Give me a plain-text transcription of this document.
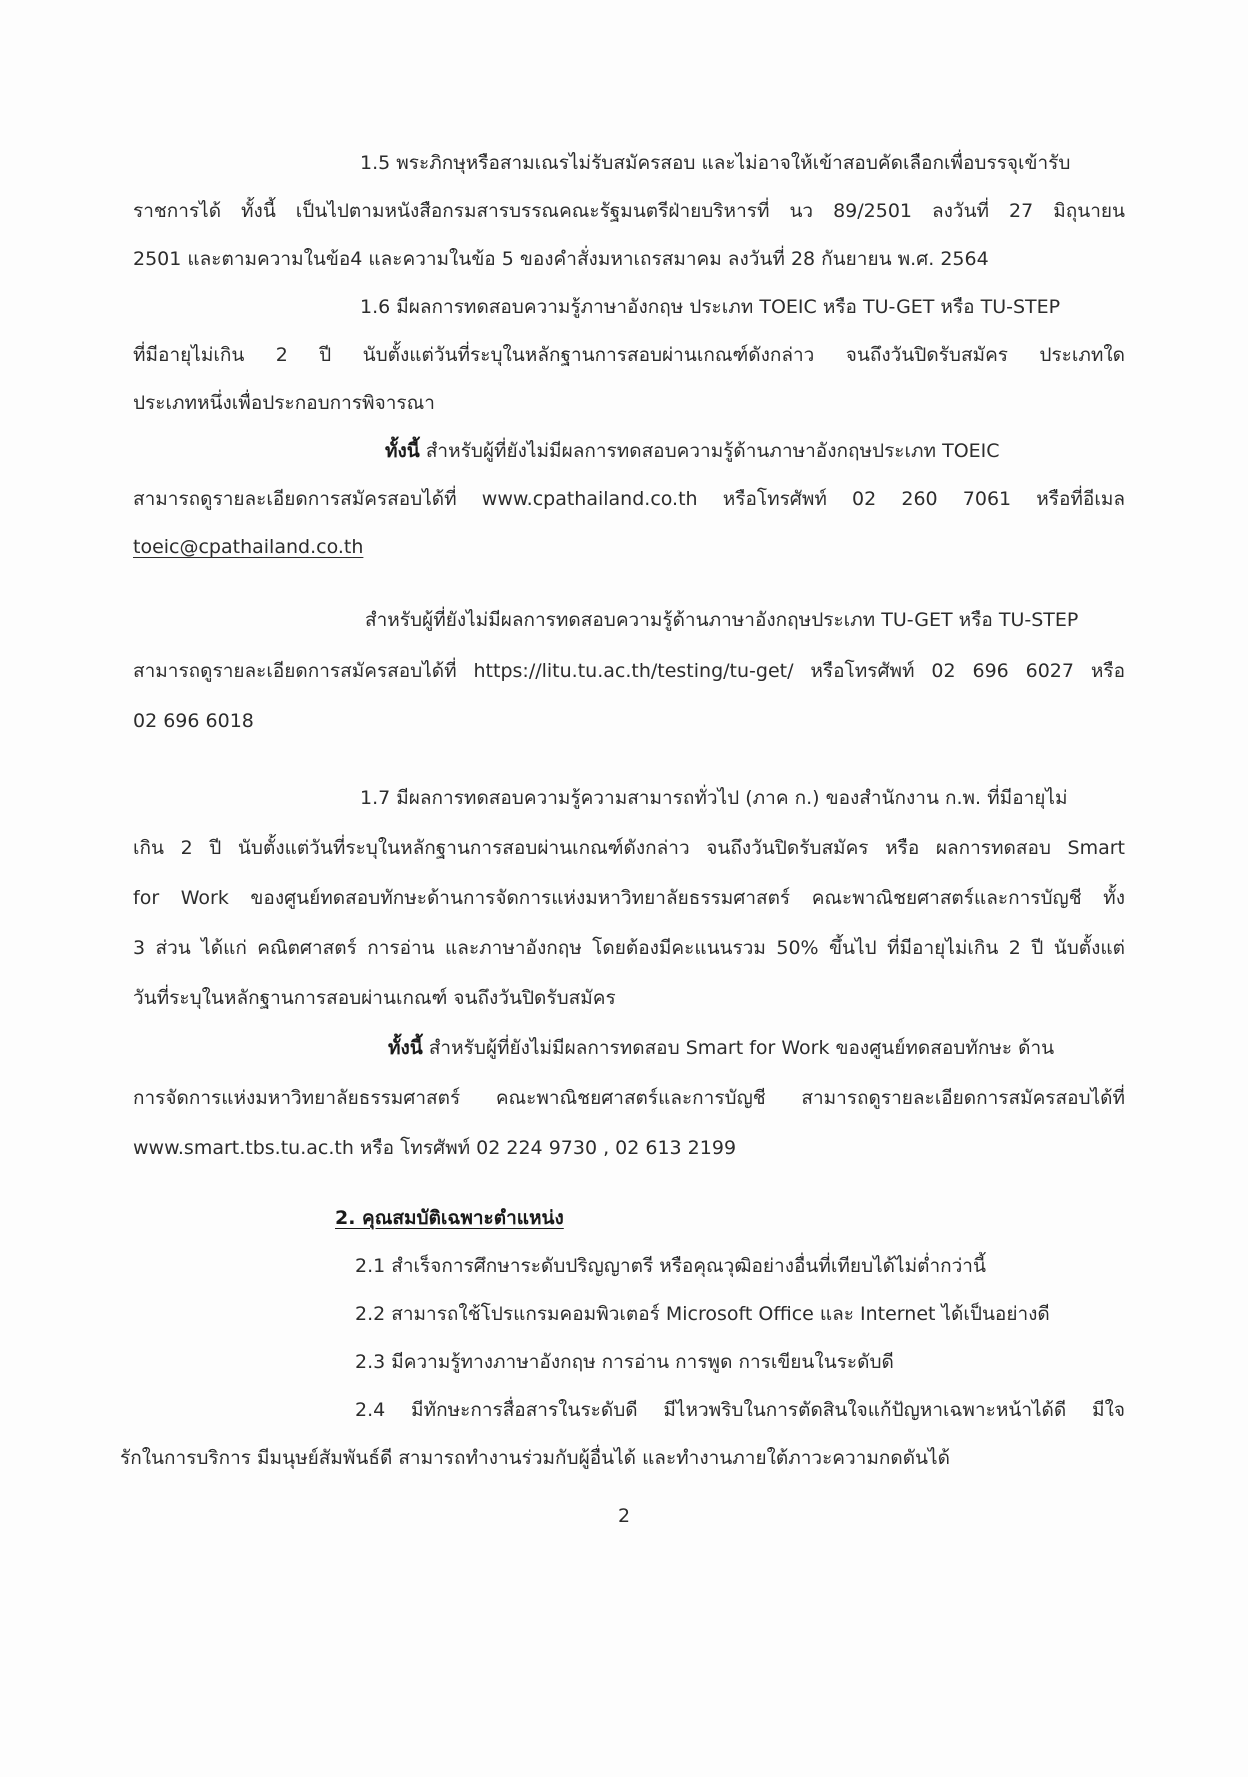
1.5 พระภิกษุหรือสามเณรไม่รับสมัครสอบ และไม่อาจให้เข้าสอบคัดเลือกเพื่อบรรจุเข้ารับ
ราชการได้ ทั้งนี้ เป็นไปตามหนังสือกรมสารบรรณคณะรัฐมนตรีฝ่ายบริหารที่ นว 89/2501 ลงวันที่ 27 มิถุนายน
2501 และตามความในข้อ4 และความในข้อ 5 ของคำสั่งมหาเถรสมาคม ลงวันที่ 28 กันยายน พ.ศ. 2564
1.6 มีผลการทดสอบความรู้ภาษาอังกฤษ ประเภท TOEIC หรือ TU-GET หรือ TU-STEP
ที่มีอายุไม่เกิน 2 ปี นับตั้งแต่วันที่ระบุในหลักฐานการสอบผ่านเกณฑ์ดังกล่าว จนถึงวันปิดรับสมัคร ประเภทใด
ประเภทหนึ่งเพื่อประกอบการพิจารณา
ทั้งนี้ สำหรับผู้ที่ยังไม่มีผลการทดสอบความรู้ด้านภาษาอังกฤษประเภท TOEIC
สามารถดูรายละเอียดการสมัครสอบได้ที่ www.cpathailand.co.th หรือโทรศัพท์ 02 260 7061 หรือที่อีเมล
toeic@cpathailand.co.th
สำหรับผู้ที่ยังไม่มีผลการทดสอบความรู้ด้านภาษาอังกฤษประเภท TU-GET หรือ TU-STEP
สามารถดูรายละเอียดการสมัครสอบได้ที่ https://litu.tu.ac.th/testing/tu-get/ หรือโทรศัพท์ 02 696 6027 หรือ
02 696 6018
1.7 มีผลการทดสอบความรู้ความสามารถทั่วไป (ภาค ก.) ของสำนักงาน ก.พ. ที่มีอายุไม่
เกิน 2 ปี นับตั้งแต่วันที่ระบุในหลักฐานการสอบผ่านเกณฑ์ดังกล่าว จนถึงวันปิดรับสมัคร หรือ ผลการทดสอบ Smart
for Work ของศูนย์ทดสอบทักษะด้านการจัดการแห่งมหาวิทยาลัยธรรมศาสตร์ คณะพาณิชยศาสตร์และการบัญชี ทั้ง
3 ส่วน ได้แก่ คณิตศาสตร์ การอ่าน และภาษาอังกฤษ โดยต้องมีคะแนนรวม 50% ขึ้นไป ที่มีอายุไม่เกิน 2 ปี นับตั้งแต่
วันที่ระบุในหลักฐานการสอบผ่านเกณฑ์ จนถึงวันปิดรับสมัคร
ทั้งนี้ สำหรับผู้ที่ยังไม่มีผลการทดสอบ Smart for Work ของศูนย์ทดสอบทักษะ ด้าน
การจัดการแห่งมหาวิทยาลัยธรรมศาสตร์ คณะพาณิชยศาสตร์และการบัญชี สามารถดูรายละเอียดการสมัครสอบได้ที่
www.smart.tbs.tu.ac.th หรือ โทรศัพท์ 02 224 9730 , 02 613 2199
2. คุณสมบัติเฉพาะตำแหน่ง
2.1 สำเร็จการศึกษาระดับปริญญาตรี หรือคุณวุฒิอย่างอื่นที่เทียบได้ไม่ต่ำกว่านี้
2.2 สามารถใช้โปรแกรมคอมพิวเตอร์ Microsoft Office และ Internet ได้เป็นอย่างดี
2.3 มีความรู้ทางภาษาอังกฤษ การอ่าน การพูด การเขียนในระดับดี
2.4 มีทักษะการสื่อสารในระดับดี มีไหวพริบในการตัดสินใจแก้ปัญหาเฉพาะหน้าได้ดี มีใจ
รักในการบริการ มีมนุษย์สัมพันธ์ดี สามารถทำงานร่วมกับผู้อื่นได้ และทำงานภายใต้ภาวะความกดดันได้
2
